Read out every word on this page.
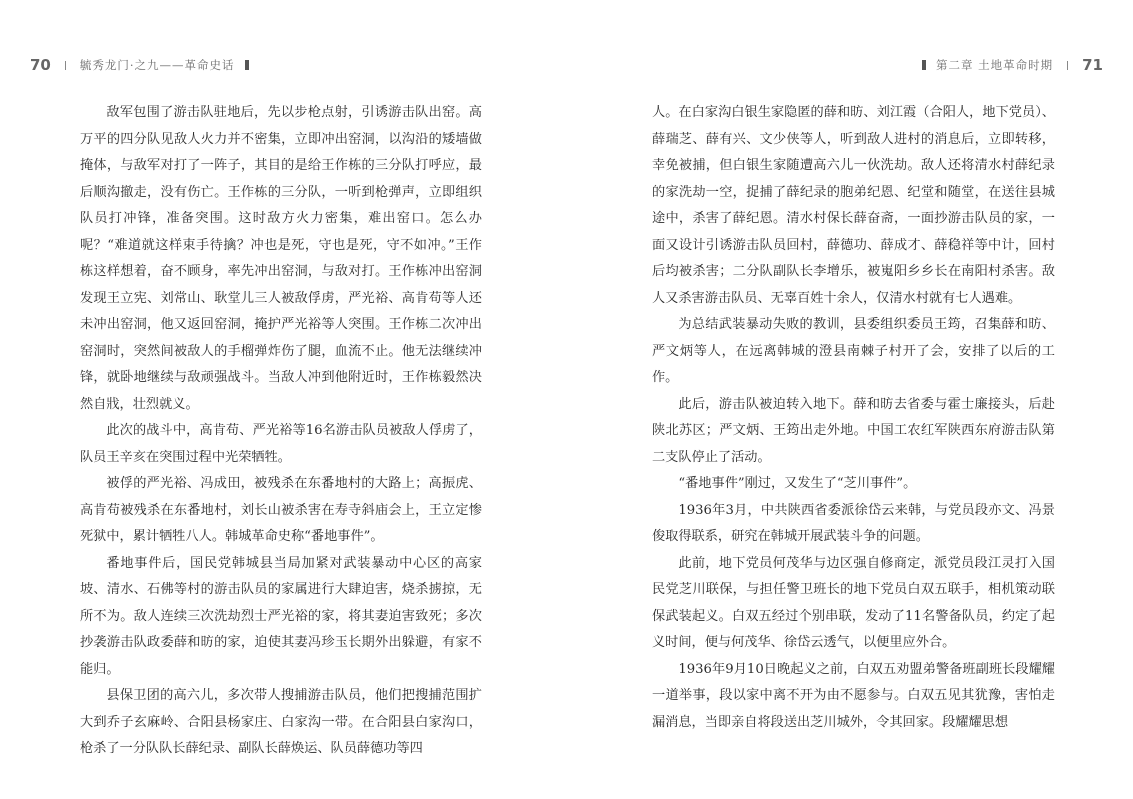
70	毓秀龙门·之九——革命史话

敌军包围了游击队驻地后，先以步枪点射，引诱游击队出窑。高万平的四分队见敌人火力并不密集，立即冲出窑洞，以沟沿的矮墙做掩体，与敌军对打了一阵子，其目的是给王作栋的三分队打呼应，最后顺沟撤走，没有伤亡。王作栋的三分队，一听到枪弹声，立即组织队员打冲锋，准备突围。这时敌方火力密集，难出窑口。怎么办呢？“难道就这样束手待擒？冲也是死，守也是死，守不如冲。”王作栋这样想着，奋不顾身，率先冲出窑洞，与敌对打。王作栋冲出窑洞发现王立宪、刘常山、耿堂儿三人被敌俘虏，严光裕、高肯苟等人还未冲出窑洞，他又返回窑洞，掩护严光裕等人突围。王作栋二次冲出窑洞时，突然间被敌人的手榴弹炸伤了腿，血流不止。他无法继续冲锋，就卧地继续与敌顽强战斗。当敌人冲到他附近时，王作栋毅然决然自戕，壮烈就义。

此次的战斗中，高肯苟、严光裕等16名游击队员被敌人俘虏了，队员王辛亥在突围过程中光荣牺牲。

被俘的严光裕、冯成田，被残杀在东番地村的大路上；高振虎、高肯苟被残杀在东番地村，刘长山被杀害在寿寺斜庙会上，王立定惨死狱中，累计牺牲八人。韩城革命史称“番地事件”。

番地事件后，国民党韩城县当局加紧对武装暴动中心区的高家坡、清水、石佛等村的游击队员的家属进行大肆迫害，烧杀掳掠，无所不为。敌人连续三次洗劫烈士严光裕的家，将其妻迫害致死；多次抄袭游击队政委薛和昉的家，迫使其妻冯珍玉长期外出躲避，有家不能归。

县保卫团的高六儿，多次带人搜捕游击队员，他们把搜捕范围扩大到乔子玄麻岭、合阳县杨家庄、白家沟一带。在合阳县白家沟口，枪杀了一分队队长薛纪录、副队长薛焕运、队员薛德功等四

第二章 土地革命时期 71

人。在白家沟白银生家隐匿的薛和昉、刘江霞（合阳人，地下党员）、薛瑞芝、薛有兴、文少侠等人，听到敌人进村的消息后，立即转移，幸免被捕，但白银生家随遭高六儿一伙洗劫。敌人还将清水村薛纪录的家洗劫一空，捉捕了薛纪录的胞弟纪恩、纪堂和随堂，在送往县城途中，杀害了薛纪恩。清水村保长薛奋斋，一面抄游击队员的家，一面又设计引诱游击队员回村，薛德功、薛成才、薛稳祥等中计，回村后均被杀害；二分队副队长李增乐，被嵬阳乡乡长在南阳村杀害。敌人又杀害游击队员、无辜百姓十余人，仅清水村就有七人遇难。

为总结武装暴动失败的教训，县委组织委员王筠，召集薛和昉、严文炳等人，在远离韩城的澄县南棘子村开了会，安排了以后的工作。

此后，游击队被迫转入地下。薛和昉去省委与霍士廉接头，后赴陕北苏区；严文炳、王筠出走外地。中国工农红军陕西东府游击队第二支队停止了活动。

“番地事件”刚过，又发生了“芝川事件”。

1936年3月，中共陕西省委派徐岱云来韩，与党员段亦文、冯景俊取得联系，研究在韩城开展武装斗争的问题。

此前，地下党员何茂华与边区强自修商定，派党员段江灵打入国民党芝川联保，与担任警卫班长的地下党员白双五联手，相机策动联保武装起义。白双五经过个别串联，发动了11名警备队员，约定了起义时间，便与何茂华、徐岱云透气，以便里应外合。

1936年9月10日晚起义之前，白双五劝盟弟警备班副班长段耀耀一道举事，段以家中离不开为由不愿参与。白双五见其犹豫，害怕走漏消息，当即亲自将段送出芝川城外，令其回家。段耀耀思想
